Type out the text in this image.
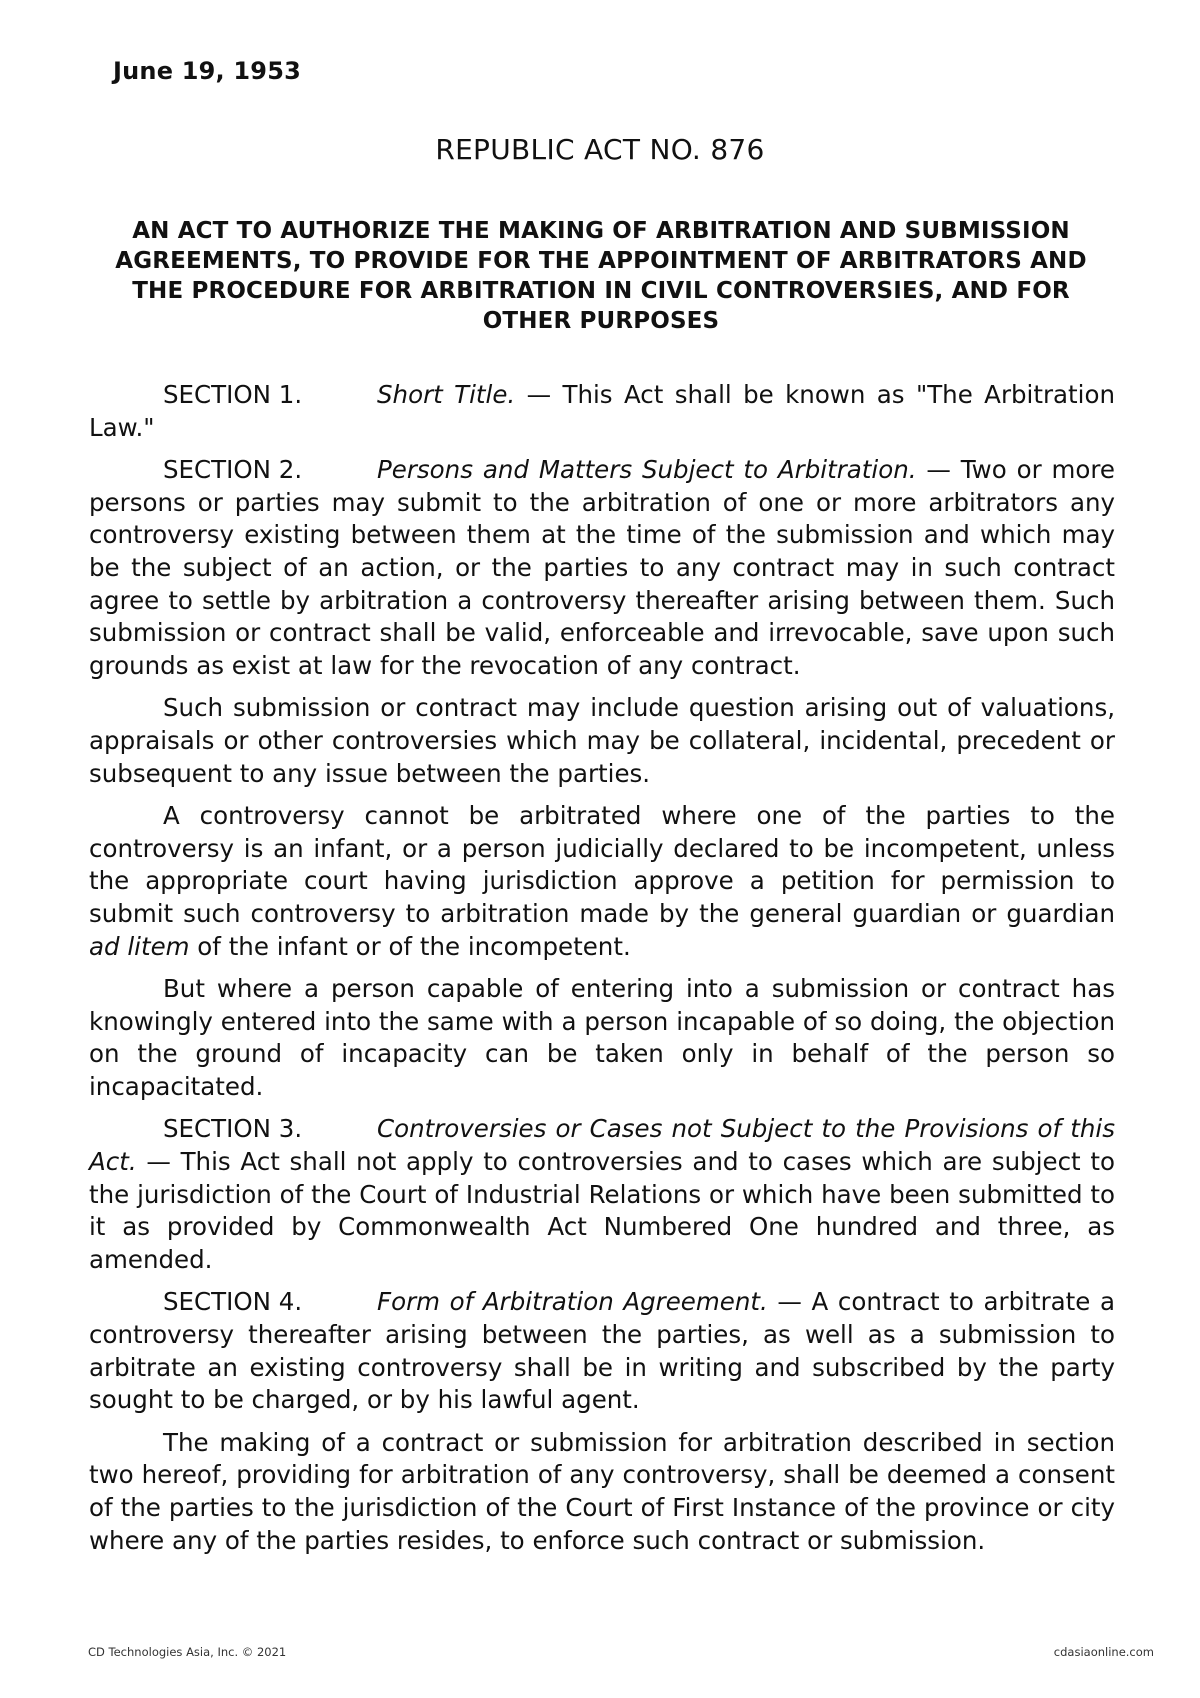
June 19, 1953
REPUBLIC ACT NO. 876
AN ACT TO AUTHORIZE THE MAKING OF ARBITRATION AND SUBMISSION AGREEMENTS, TO PROVIDE FOR THE APPOINTMENT OF ARBITRATORS AND THE PROCEDURE FOR ARBITRATION IN CIVIL CONTROVERSIES, AND FOR OTHER PURPOSES

SECTION 1.	Short Title. — This Act shall be known as "The Arbitration Law."

SECTION 2.	Persons and Matters Subject to Arbitration. — Two or more persons or parties may submit to the arbitration of one or more arbitrators any controversy existing between them at the time of the submission and which may be the subject of an action, or the parties to any contract may in such contract agree to settle by arbitration a controversy thereafter arising between them. Such submission or contract shall be valid, enforceable and irrevocable, save upon such grounds as exist at law for the revocation of any contract.

Such submission or contract may include question arising out of valuations, appraisals or other controversies which may be collateral, incidental, precedent or subsequent to any issue between the parties.

A controversy cannot be arbitrated where one of the parties to the controversy is an infant, or a person judicially declared to be incompetent, unless the appropriate court having jurisdiction approve a petition for permission to submit such controversy to arbitration made by the general guardian or guardian ad litem of the infant or of the incompetent.

But where a person capable of entering into a submission or contract has knowingly entered into the same with a person incapable of so doing, the objection on the ground of incapacity can be taken only in behalf of the person so incapacitated.

SECTION 3.	Controversies or Cases not Subject to the Provisions of this Act. — This Act shall not apply to controversies and to cases which are subject to the jurisdiction of the Court of Industrial Relations or which have been submitted to it as provided by Commonwealth Act Numbered One hundred and three, as amended.

SECTION 4.	Form of Arbitration Agreement. — A contract to arbitrate a controversy thereafter arising between the parties, as well as a submission to arbitrate an existing controversy shall be in writing and subscribed by the party sought to be charged, or by his lawful agent.

The making of a contract or submission for arbitration described in section two hereof, providing for arbitration of any controversy, shall be deemed a consent of the parties to the jurisdiction of the Court of First Instance of the province or city where any of the parties resides, to enforce such contract or submission.

CD Technologies Asia, Inc. © 2021	cdasiaonline.com
